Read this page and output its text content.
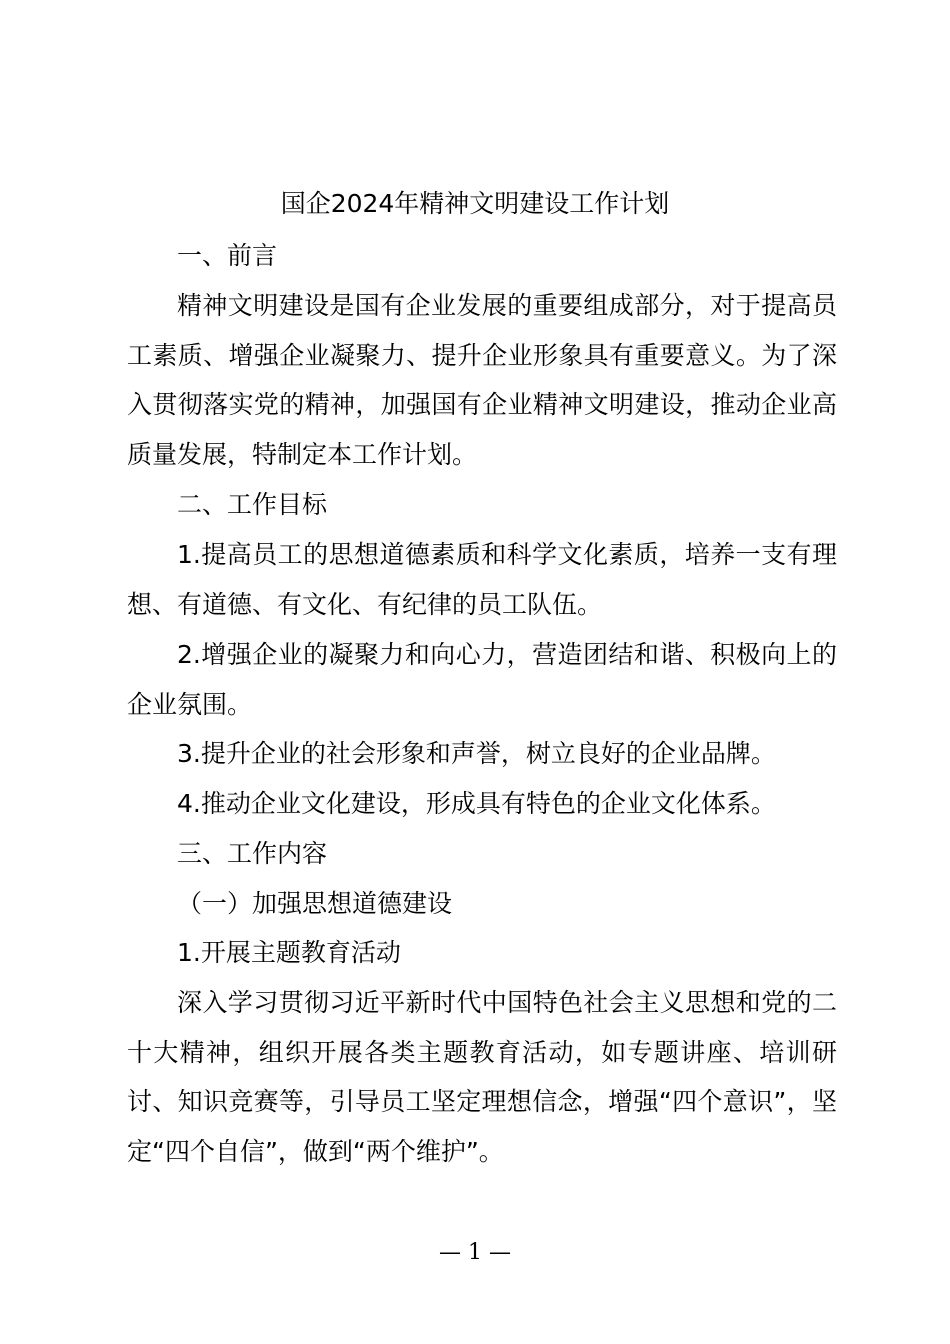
国企2024年精神文明建设工作计划

一、前言

精神文明建设是国有企业发展的重要组成部分，对于提高员工素质、增强企业凝聚力、提升企业形象具有重要意义。为了深入贯彻落实党的精神，加强国有企业精神文明建设，推动企业高质量发展，特制定本工作计划。

二、工作目标

1.提高员工的思想道德素质和科学文化素质，培养一支有理想、有道德、有文化、有纪律的员工队伍。

2.增强企业的凝聚力和向心力，营造团结和谐、积极向上的企业氛围。

3.提升企业的社会形象和声誉，树立良好的企业品牌。

4.推动企业文化建设，形成具有特色的企业文化体系。

三、工作内容

（一）加强思想道德建设

1.开展主题教育活动

深入学习贯彻习近平新时代中国特色社会主义思想和党的二十大精神，组织开展各类主题教育活动，如专题讲座、培训研讨、知识竞赛等，引导员工坚定理想信念，增强“四个意识”，坚定“四个自信”，做到“两个维护”。

— 1 —
